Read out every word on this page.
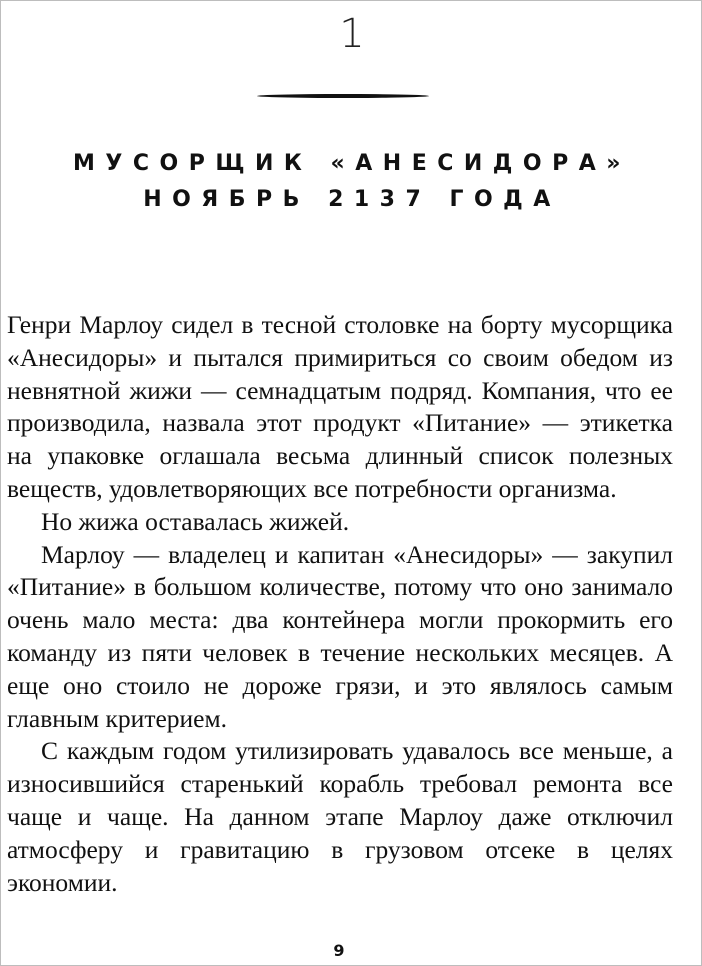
1
МУСОРЩИК «АНЕСИДОРА»
НОЯБРЬ 2137 ГОДА

Генри Марлоу сидел в тесной столовке на борту мусорщика «Анесидоры» и пытался примириться со своим обедом из невнятной жижи — семнадцатым подряд. Компания, что ее производила, назвала этот продукт «Питание» — этикетка на упаковке оглашала весьма длинный список полезных веществ, удовлетворяющих все потребности организма.

Но жижа оставалась жижей.

Марлоу — владелец и капитан «Анесидоры» — закупил «Питание» в большом количестве, потому что оно занимало очень мало места: два контейнера могли прокормить его команду из пяти человек в течение нескольких месяцев. А еще оно стоило не дороже грязи, и это являлось самым главным критерием.

С каждым годом утилизировать удавалось все меньше, а износившийся старенький корабль требовал ремонта все чаще и чаще. На данном этапе Марлоу даже отключил атмосферу и гравитацию в грузовом отсеке в целях экономии.

9
